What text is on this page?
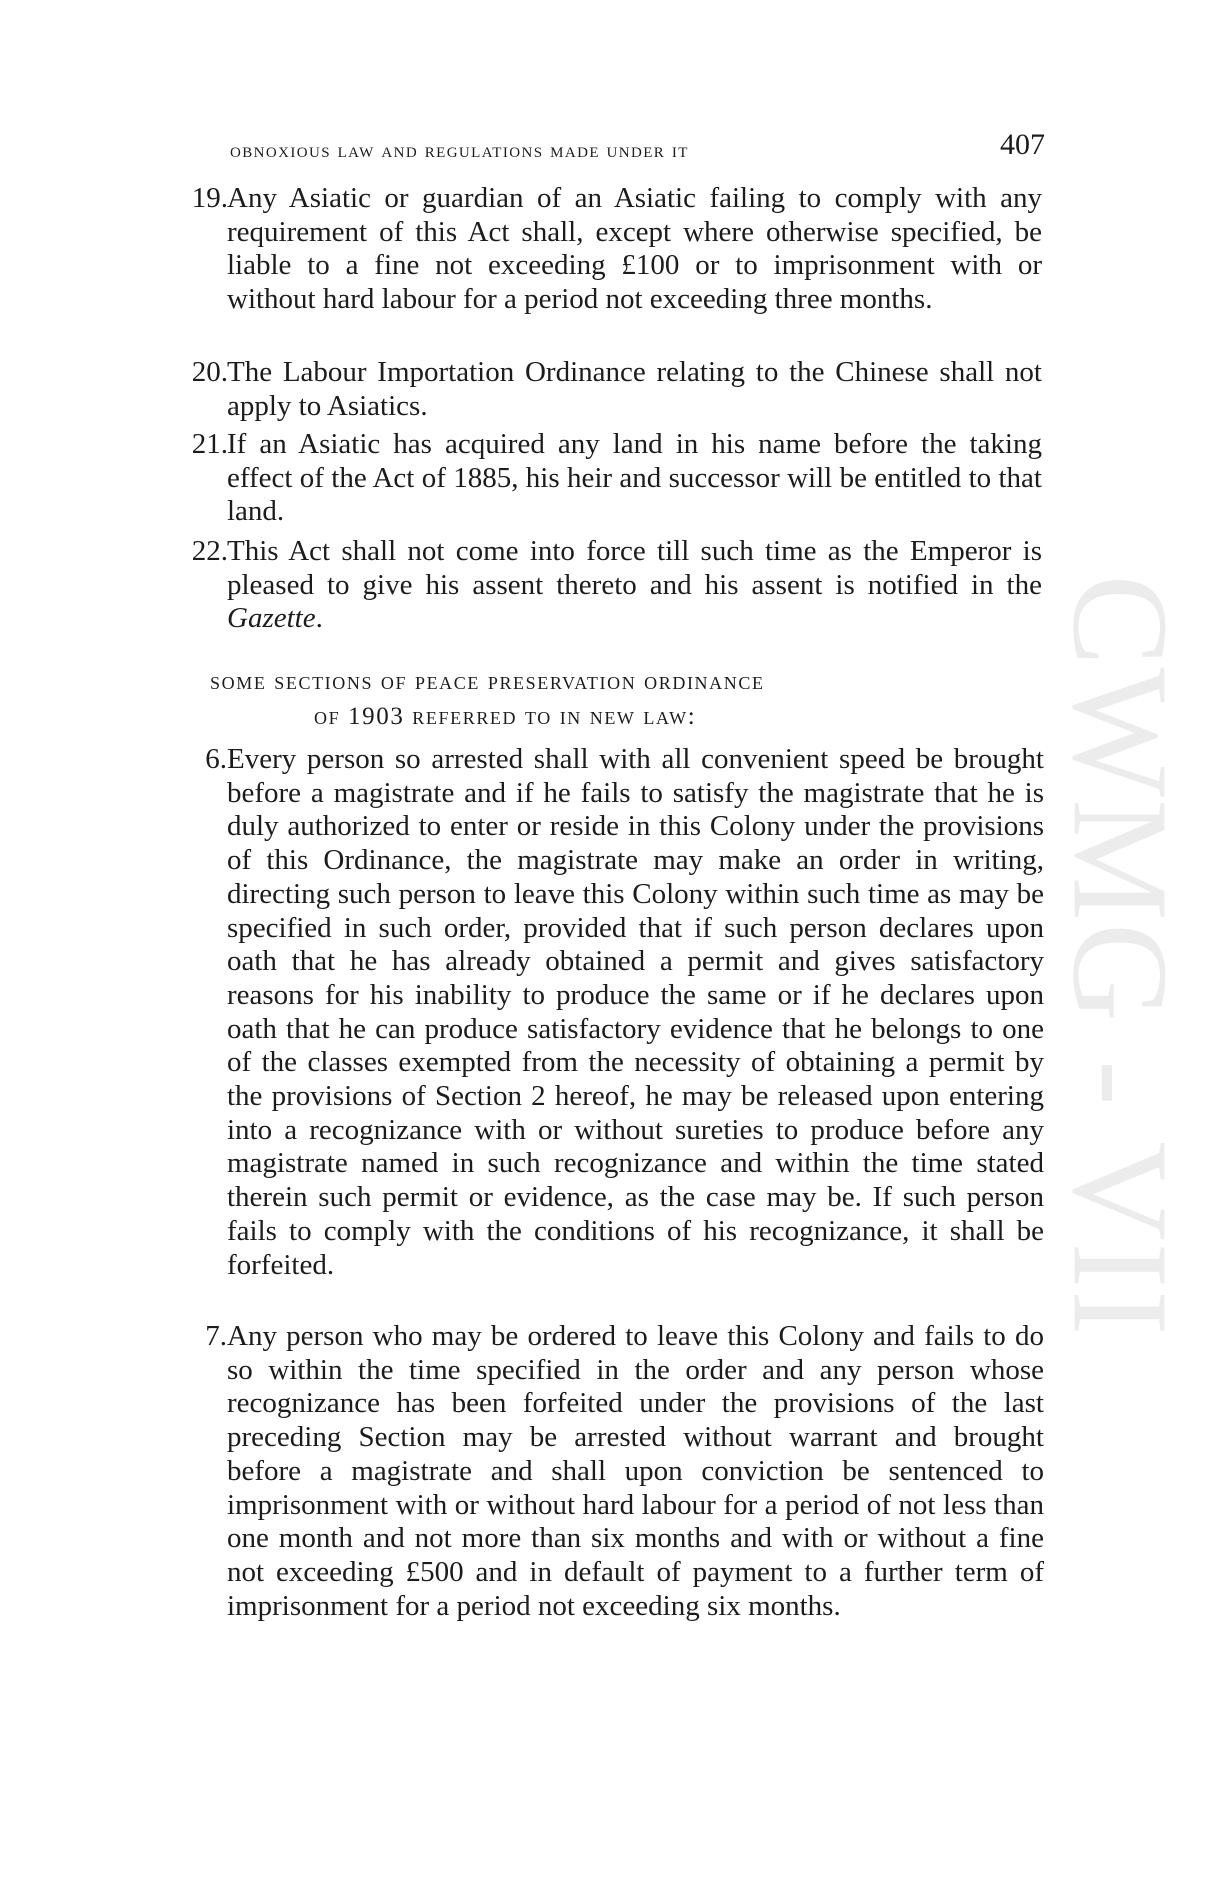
obnoxious law and regulations made under it	407
19. Any Asiatic or guardian of an Asiatic failing to comply with any requirement of this Act shall, except where otherwise specified, be liable to a fine not exceeding £100 or to imprisonment with or without hard labour for a period not exceeding three months.
20. The Labour Importation Ordinance relating to the Chinese shall not apply to Asiatics.
21. If an Asiatic has acquired any land in his name before the taking effect of the Act of 1885, his heir and successor will be entitled to that land.
22. This Act shall not come into force till such time as the Emperor is pleased to give his assent thereto and his assent is notified in the Gazette.
some sections of peace preservation ordinance
of 1903 referred to in new law:
6. Every person so arrested shall with all convenient speed be brought before a magistrate and if he fails to satisfy the magistrate that he is duly authorized to enter or reside in this Colony under the provisions of this Ordinance, the magistrate may make an order in writing, directing such person to leave this Colony within such time as may be specified in such order, provided that if such person declares upon oath that he has already obtained a permit and gives satisfactory reasons for his inability to produce the same or if he declares upon oath that he can produce satisfactory evidence that he belongs to one of the classes exempted from the necessity of obtaining a permit by the provisions of Section 2 hereof, he may be released upon entering into a recognizance with or without sureties to produce before any magistrate named in such recognizance and within the time stated therein such permit or evidence, as the case may be. If such person fails to comply with the conditions of his recognizance, it shall be forfeited.
7. Any person who may be ordered to leave this Colony and fails to do so within the time specified in the order and any person whose recognizance has been forfeited under the provisions of the last preceding Section may be arrested without warrant and brought before a magistrate and shall upon conviction be sentenced to imprisonment with or without hard labour for a period of not less than one month and not more than six months and with or without a fine not exceeding £500 and in default of payment to a further term of imprisonment for a period not exceeding six months.
CWMG - VII
